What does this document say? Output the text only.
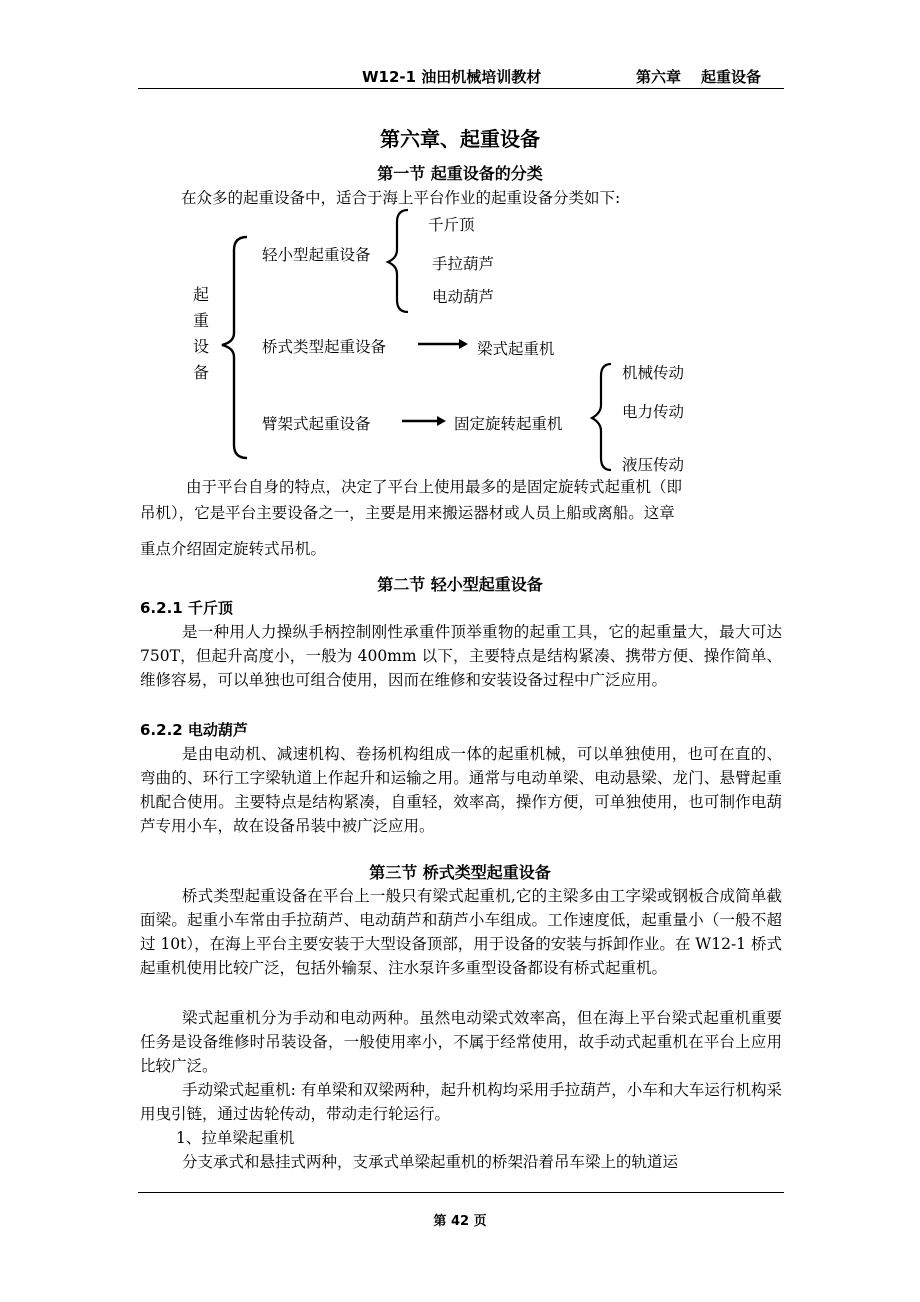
W12-1 油田机械培训教材	第六章 起重设备
第六章、起重设备
第一节 起重设备的分类
在众多的起重设备中，适合于海上平台作业的起重设备分类如下:
起重设备
轻小型起重设备
千斤顶
手拉葫芦
电动葫芦
桥式类型起重设备	梁式起重机
臂架式起重设备	固定旋转起重机
机械传动
电力传动
液压传动
由于平台自身的特点，决定了平台上使用最多的是固定旋转式起重机（即
吊机），它是平台主要设备之一，主要是用来搬运器材或人员上船或离船。这章
重点介绍固定旋转式吊机。
第二节 轻小型起重设备
6.2.1 千斤顶

是一种用人力操纵手柄控制刚性承重件顶举重物的起重工具，它的起重量大，最大可达 750T，但起升高度小，一般为 400mm 以下，主要特点是结构紧凑、携带方便、操作简单、维修容易，可以单独也可组合使用，因而在维修和安装设备过程中广泛应用。

6.2.2 电动葫芦

是由电动机、减速机构、卷扬机构组成一体的起重机械，可以单独使用，也可在直的、弯曲的、环行工字梁轨道上作起升和运输之用。通常与电动单梁、电动悬梁、龙门、悬臂起重机配合使用。主要特点是结构紧凑，自重轻，效率高，操作方便，可单独使用，也可制作电葫芦专用小车，故在设备吊装中被广泛应用。

第三节 桥式类型起重设备

桥式类型起重设备在平台上一般只有梁式起重机,它的主梁多由工字梁或钢板合成简单截面梁。起重小车常由手拉葫芦、电动葫芦和葫芦小车组成。工作速度低，起重量小（一般不超过 10t），在海上平台主要安装于大型设备顶部，用于设备的安装与拆卸作业。在 W12-1 桥式起重机使用比较广泛，包括外输泵、注水泵许多重型设备都设有桥式起重机。

梁式起重机分为手动和电动两种。虽然电动梁式效率高，但在海上平台梁式起重机重要任务是设备维修时吊装设备，一般使用率小，不属于经常使用，故手动式起重机在平台上应用比较广泛。

手动梁式起重机: 有单梁和双梁两种，起升机构均采用手拉葫芦，小车和大车运行机构采用曳引链，通过齿轮传动，带动走行轮运行。

1、拉单梁起重机
分支承式和悬挂式两种，支承式单梁起重机的桥架沿着吊车梁上的轨道运
第 42 页
